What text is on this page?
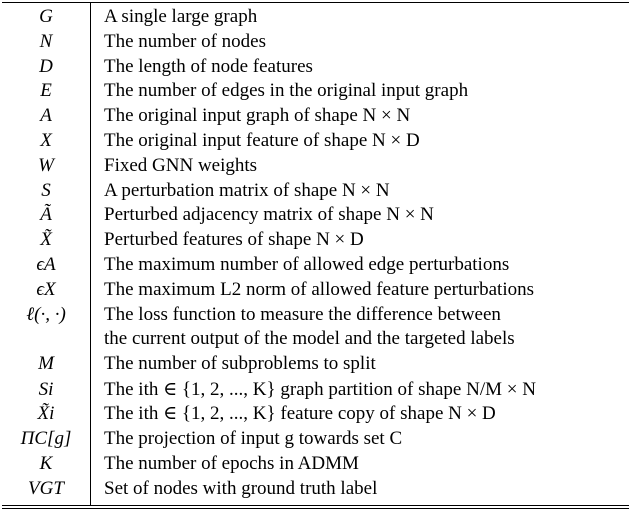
G	A single large graph
N	The number of nodes
D	The length of node features
E	The number of edges in the original input graph
A	The original input graph of shape N × N
X	The original input feature of shape N × D
W	Fixed GNN weights
S	A perturbation matrix of shape N × N
Ã	Perturbed adjacency matrix of shape N × N
X̃	Perturbed features of shape N × D
ϵA	The maximum number of allowed edge perturbations
ϵX	The maximum L2 norm of allowed feature perturbations
ℓ(·, ·)	The loss function to measure the difference between
the current output of the model and the targeted labels
M	The number of subproblems to split
Si	The ith ∈ {1, 2, ..., K} graph partition of shape N/M × N
X̃i	The ith ∈ {1, 2, ..., K} feature copy of shape N × D
ΠC[g]	The projection of input g towards set C
K	The number of epochs in ADMM
VGT	Set of nodes with ground truth label
